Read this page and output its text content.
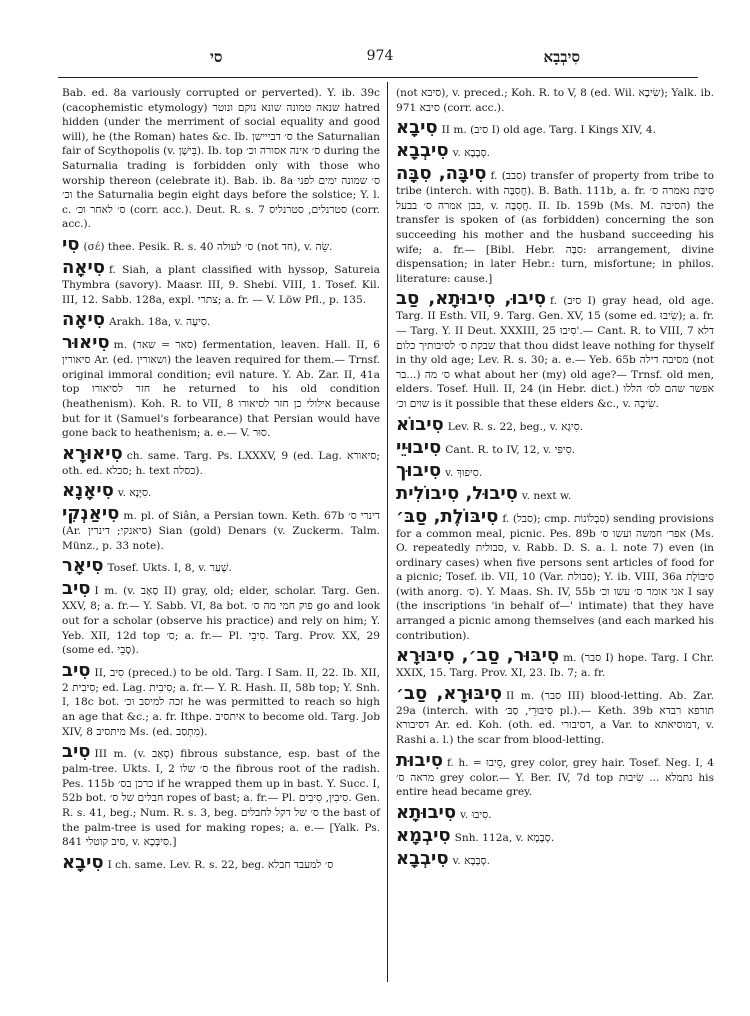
סי	974	סִיבְבָא
Bab. ed. 8a variously corrupted or perverted). Y. ib. 39c (cacophemistic etymology) שנאה טמונה שונא נוקם ונוטר hatred hidden (under the merriment of social equality and good will), he (the Roman) hates &c. Ib. ס׳ דבייישן the Saturnalian fair of Scythopolis (v. בֵּישָׁן). Ib. top ס׳ אינה אסורה וכ׳ during the Saturnalia trading is forbidden only with those who worship thereon (celebrate it). Bab. ib. 8a ס׳ שמונה ימים לפני וכ׳ the Saturnalia begin eight days before the solstice; Y. l. c. ס׳ לאחר וכ׳ (corr. acc.). Deut. R. s. 7 סטרנלים, סטרנליס (corr. acc.).
סִי (σέ) thee. Pesik. R. s. 40 ס׳ לעולה (not חד), v. שֵׂה.
סִיאָה f. Siah, a plant classified with hyssop, Satureia Thymbra (savory). Maasr. III, 9. Shebi. VIII, 1. Tosef. Kil. III, 12. Sabb. 128a, expl. צתרי; a. fr. — V. Löw Pfl., p. 135.
סִיאָה Arakh. 18a, v. סִיעָה.
סִיאוּר m. (סאר = שאר) fermentation, leaven. Hall. II, 6 סיאורין Ar. (ed. ושאורין) the leaven required for them.— Trnsf. original immoral condition; evil nature. Y. Ab. Zar. II, 41a top חזר לסיאורו he returned to his old condition (heathenism). Koh. R. to VII, 8 אילולי כן חזר לסיאורו because but for it (Samuel's forbearance) that Persian would have gone back to heathenism; a. e.— V. סוּר.
סִיאוּרָא ch. same. Targ. Ps. LXXXV, 9 (ed. Lag. סיאורא; oth. ed. סכלא; h. text כסלה).
סִיאָנָא v. סִיָּנָא.
סִיאַנְקִי m. pl. of Siân, a Persian town. Keth. 67b דינרי ס׳ (Ar. סיאנקי; דינרין) Sian (gold) Denars (v. Zuckerm. Talm. Münz., p. 33 note).
סִיאָר Tosef. Ukts. I, 8, v. שְׁעַר.
סִיב I m. (v. סָאַב II) gray, old; elder, scholar. Targ. Gen. XXV, 8; a. fr.— Y. Sabb. VI, 8a bot. פוק חמי מה ס׳ go and look out for a scholar (observe his practice) and rely on him; Y. Yeb. XII, 12d top ס׳; a. fr.— Pl. סִיבֵי. Targ. Prov. XX, 29 (some ed. סָבֵי).
סִיב II, סִיב (preced.) to be old. Targ. I Sam. II, 22. Ib. XII, 2 סִיבִית; ed. Lag. סִיבִית; a. fr.— Y. R. Hash. II, 58b top; Y. Snh. I, 18c bot. זכה למיסב וכ׳ he was permitted to reach so high an age that &c.; a. fr. Ithpe. איתסיב to become old. Targ. Job XIV, 8 מיתסיב Ms. (ed. מִתְסַב).
סִיב III m. (v. סְאַב) fibrous substance, esp. bast of the palm-tree. Ukts. I, 2 ס׳ שלו the fibrous root of the radish. Pes. 115b כרכן בס׳ if he wrapped them up in bast. Y. Succ. I, 52b bot. חבלים של ס׳ ropes of bast; a. fr.— Pl. סִיבִין, סִיבִים. Gen. R. s. 41, beg.; Num. R. s. 3, beg. ס׳ של דקל לחבלים the bast of the palm-tree is used for making ropes; a. e.— [Yalk. Ps. 841 סיב קוטלי, v. סִיבְּכָא.]
סִיבָא I ch. same. Lev. R. s. 22, beg. ס׳ למעבד חבלא
(not סיבא), v. preced.; Koh. R. to V, 8 (ed. Wil. שִׂיבָא); Yalk. ib. 971 סיבא (corr. acc.).
סִיבָא II m. (סיב I) old age. Targ. I Kings XIV, 4.
סִיבְבָא v. סְבָבָא.
סִיבָּה, סִבָּה f. (סבב) transfer of property from tribe to tribe (interch. with חֲסִבָּה). B. Bath. 111b, a. fr. סִיבַּת נאמרה ס׳ בבן אמרה ס׳ בבעל, v. חֲסִבָּה. II. Ib. 159b (Ms. M. הסיבה) the transfer is spoken of (as forbidden) concerning the son succeeding his mother and the husband succeeding his wife; a. fr.— [Bibl. Hebr. סִבָּה: arrangement, divine dispensation; in later Hebr.: turn, misfortune; in philos. literature: cause.]
סִיבוּ, סִיבוּתָא, סַב f. (סיב I) gray head, old age. Targ. II Esth. VII, 9. Targ. Gen. XV, 15 (some ed. שִׂיבוּ); a. fr.— Targ. Y. II Deut. XXXIII, 25 סִיבוּ'.— Cant. R. to VIII, 7 דלא שבקת ס׳ לסיבותיך כלום that thou didst leave nothing for thyself in thy old age; Lev. R. s. 30; a. e.— Yeb. 65b מסיבה דילה (not בר...) ס׳ מה what about her (my) old age?— Trnsf. old men, elders. Tosef. Hull. II, 24 (in Hebr. dict.) אפשר שהם לס׳ הללו שוים וכ׳ is it possible that these elders &c., v. שִׂיבָה.
סִיבוֹא Lev. R. s. 22, beg., v. סִיגָא.
סִיבוּיֵי Cant. R. to IV, 12, v. סִיפִּי.
סִיבוּך v. סִיפוּךְ.
סִיבוּל, סִיבוֹלִית v. next w.
סִיבּוֹלֶת, סַבּ׳ f. (סבל); cmp. סִבְלוֹנוֹת) sending provisions for a common meal, picnic. Pes. 89b אפר׳ חמשה ועשו ס׳ (Ms. O. repeatedly סבולית, v. Rabb. D. S. a. l. note 7) even (in ordinary cases) when five persons sent articles of food for a picnic; Tosef. ib. VII, 10 (Var. סבולת); Y. ib. VIII, 36a סִיבּוֹלֶת (with anorg. ס׳). Y. Maas. Sh. IV, 55b אני אומר ס׳ עשו וכ׳ I say (the inscriptions 'in behalf of—' intimate) that they have arranged a picnic among themselves (and each marked his contribution).
סִיבּוּר, סַב׳, סִיבּוּרָא m. (סבר I) hope. Targ. I Chr. XXIX, 15. Targ. Prov. XI, 23. Ib. 7; a. fr.
סִיבּוּרָא, סַב׳ II m. (סבר III) blood-letting. Ab. Zar. 29a (interch. with סִיבּוּרֵי, סַבּ׳ pl.).— Keth. 39b תורפא רבדא דסיבורא Ar. ed. Koh. (oth. ed. דסיבורי, a Var. to דמוסיאתא, v. Rashi a. l.) the scar from blood-letting.
סִיבוּת f. h. = סֵיבוּ, grey color, grey hair. Tosef. Neg. I, 4 מראה ס׳ grey color.— Y. Ber. IV, 7d top נתמלא ... שִׂיבוּת his entire head became grey.
סִיבוּתָא v. סִיבוּ.
סִיבְמָא Snh. 112a, v. סְבָמָא.
סִיבְבָא v. סְבָבָא.
